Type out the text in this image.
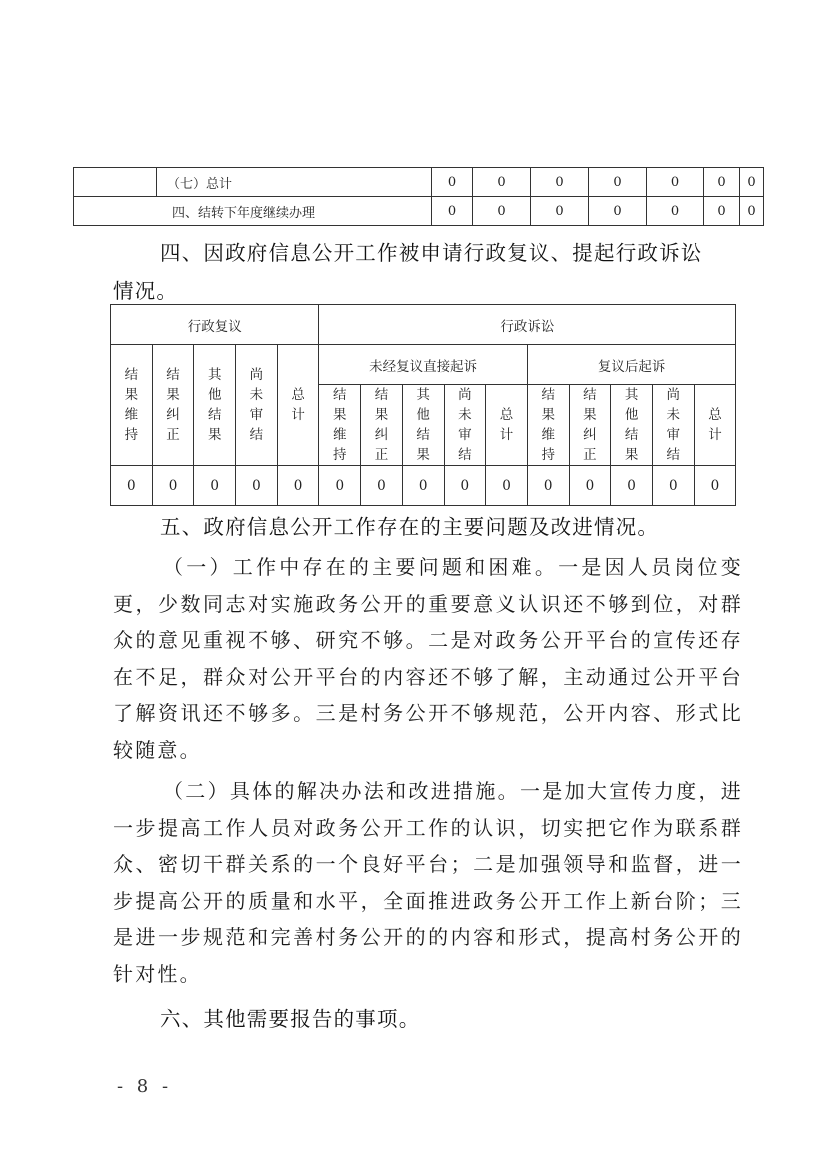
	（七）总计	0	0	0	0	0	0	0
四、结转下年度继续办理		0	0	0	0	0	0	0
四、因政府信息公开工作被申请行政复议、提起行政诉讼
情况。
行政复议					行政诉讼									
结果维持	结果纠正	其他结果	尚未审结	总计	未经复议直接起诉					复议后起诉				
					结果维持	结果纠正	其他结果	尚未审结	总计	结果维持	结果纠正	其他结果	尚未审结	总计
0	0	0	0	0	0	0	0	0	0	0	0	0	0	0
五、政府信息公开工作存在的主要问题及改进情况。
（一）工作中存在的主要问题和困难。一是因人员岗位变更，少数同志对实施政务公开的重要意义认识还不够到位，对群众的意见重视不够、研究不够。二是对政务公开平台的宣传还存在不足，群众对公开平台的内容还不够了解，主动通过公开平台了解资讯还不够多。三是村务公开不够规范，公开内容、形式比较随意。
（二）具体的解决办法和改进措施。一是加大宣传力度，进一步提高工作人员对政务公开工作的认识，切实把它作为联系群众、密切干群关系的一个良好平台；二是加强领导和监督，进一步提高公开的质量和水平，全面推进政务公开工作上新台阶；三是进一步规范和完善村务公开的的内容和形式，提高村务公开的针对性。
六、其他需要报告的事项。
- 8 -
